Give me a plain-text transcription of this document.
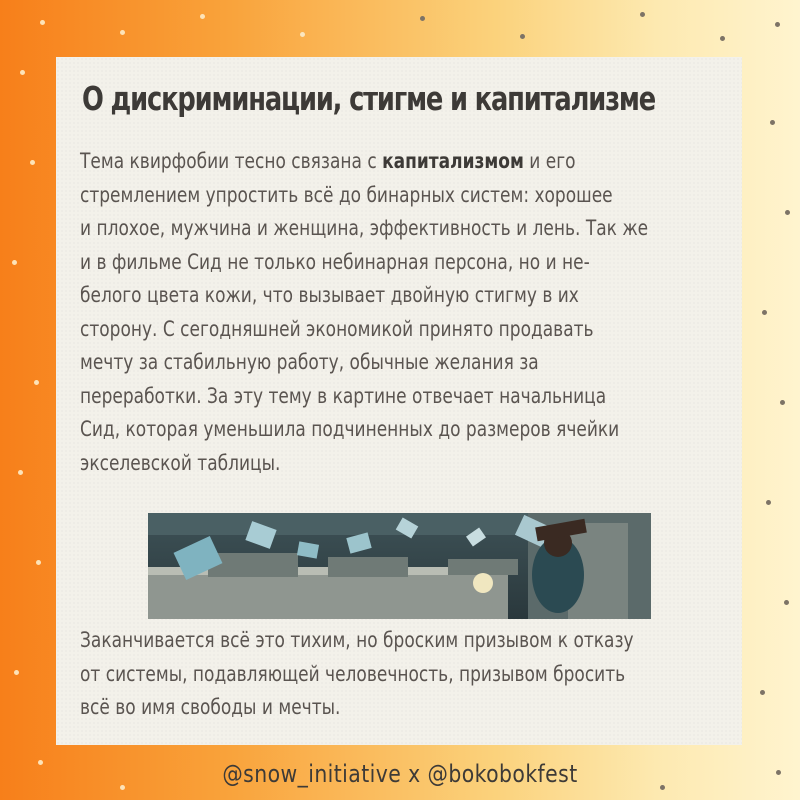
О дискриминации, стигме и капитализме

Тема квирфобии тесно связана с капитализмом и его
стремлением упростить всё до бинарных систем: хорошее
и плохое, мужчина и женщина, эффективность и лень. Так же
и в фильме Сид не только небинарная персона, но и не-
белого цвета кожи, что вызывает двойную стигму в их
сторону. С сегодняшней экономикой принято продавать
мечту за стабильную работу, обычные желания за
переработки. За эту тему в картине отвечает начальница
Сид, которая уменьшила подчиненных до размеров ячейки
экселевской таблицы.

Заканчивается всё это тихим, но броским призывом к отказу
от системы, подавляющей человечность, призывом бросить
всё во имя свободы и мечты.

@snow_initiative x @bokobokfest
